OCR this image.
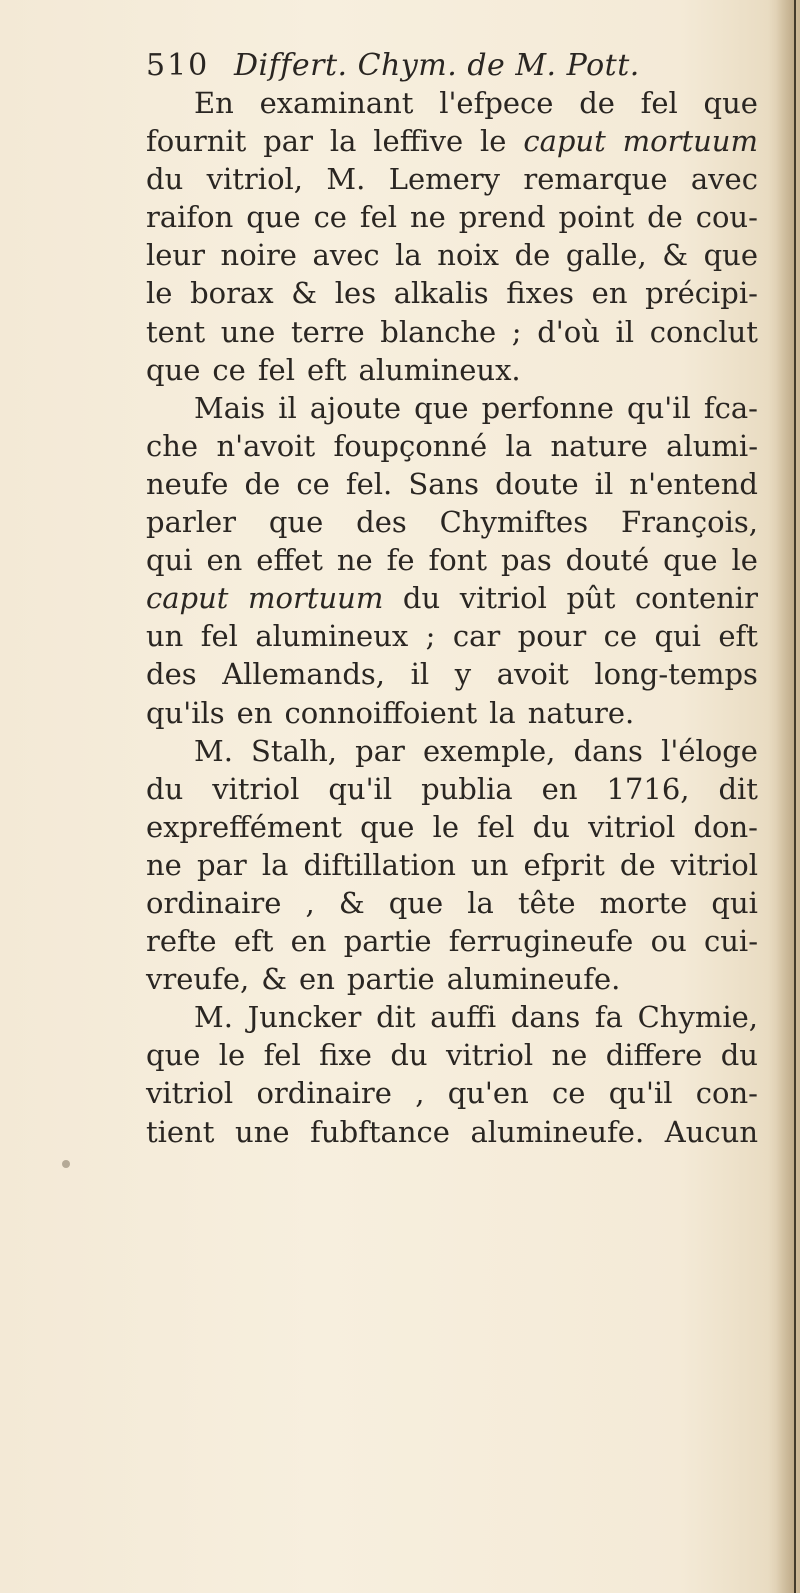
510 Differt. Chym. de M. Pott.
En examinant l'efpece de fel que
fournit par la leffive le caput mortuum
du vitriol, M. Lemery remarque avec
raifon que ce fel ne prend point de cou-
leur noire avec la noix de galle, & que
le borax & les alkalis fixes en précipi-
tent une terre blanche ; d'où il conclut
que ce fel eft alumineux.
Mais il ajoute que perfonne qu'il fca-
che n'avoit foupçonné la nature alumi-
neufe de ce fel. Sans doute il n'entend
parler que des Chymiftes François,
qui en effet ne fe font pas douté que le
caput mortuum du vitriol pût contenir
un fel alumineux ; car pour ce qui eft
des Allemands, il y avoit long-temps
qu'ils en connoiffoient la nature.
M. Stalh, par exemple, dans l'éloge
du vitriol qu'il publia en 1716, dit
expreffément que le fel du vitriol don-
ne par la diftillation un efprit de vitriol
ordinaire , & que la tête morte qui
refte eft en partie ferrugineufe ou cui-
vreufe, & en partie alumineufe.
M. Juncker dit auffi dans fa Chymie,
que le fel fixe du vitriol ne differe du
vitriol ordinaire , qu'en ce qu'il con-
tient une fubftance alumineufe. Aucun
